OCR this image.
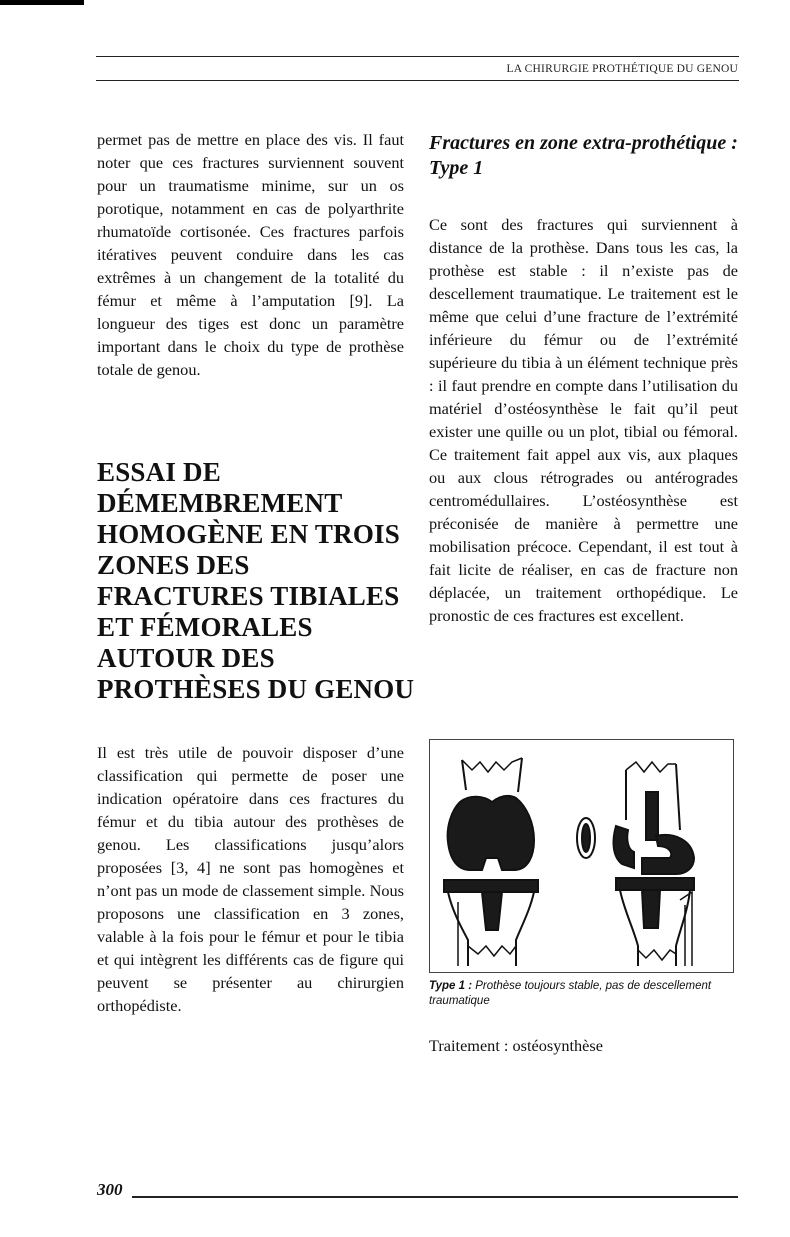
LA CHIRURGIE PROTHÉTIQUE DU GENOU
permet pas de mettre en place des vis. Il faut noter que ces fractures surviennent souvent pour un traumatisme minime, sur un os porotique, notamment en cas de polyarthrite rhumatoïde cortisonée. Ces fractures parfois itératives peuvent conduire dans les cas extrêmes à un changement de la totalité du fémur et même à l’amputation [9]. La longueur des tiges est donc un paramètre important dans le choix du type de prothèse totale de genou.
ESSAI DE DÉMEMBREMENT HOMOGÈNE EN TROIS ZONES DES FRACTURES TIBIALES ET FÉMORALES AUTOUR DES PROTHÈSES DU GENOU
Il est très utile de pouvoir disposer d’une classification qui permette de poser une indication opératoire dans ces fractures du fémur et du tibia autour des prothèses de genou. Les classifications jusqu’alors proposées [3, 4] ne sont pas homogènes et n’ont pas un mode de classement simple. Nous proposons une classification en 3 zones, valable à la fois pour le fémur et pour le tibia et qui intègrent les différents cas de figure qui peuvent se présenter au chirurgien orthopédiste.
Fractures en zone extra-prothétique : Type 1
Ce sont des fractures qui surviennent à distance de la prothèse. Dans tous les cas, la prothèse est stable : il n’existe pas de descellement traumatique. Le traitement est le même que celui d’une fracture de l’extrémité inférieure du fémur ou de l’extrémité supérieure du tibia à un élément technique près : il faut prendre en compte dans l’utilisation du matériel d’ostéosynthèse le fait qu’il peut exister une quille ou un plot, tibial ou fémoral. Ce traitement fait appel aux vis, aux plaques ou aux clous rétrogrades ou antérogrades centromédullaires. L’ostéosynthèse est préconisée de manière à permettre une mobilisation précoce. Cependant, il est tout à fait licite de réaliser, en cas de fracture non déplacée, un traitement orthopédique. Le pronostic de ces fractures est excellent.
Type 1 : Prothèse toujours stable, pas de descellement traumatique
Traitement : ostéosynthèse
300
